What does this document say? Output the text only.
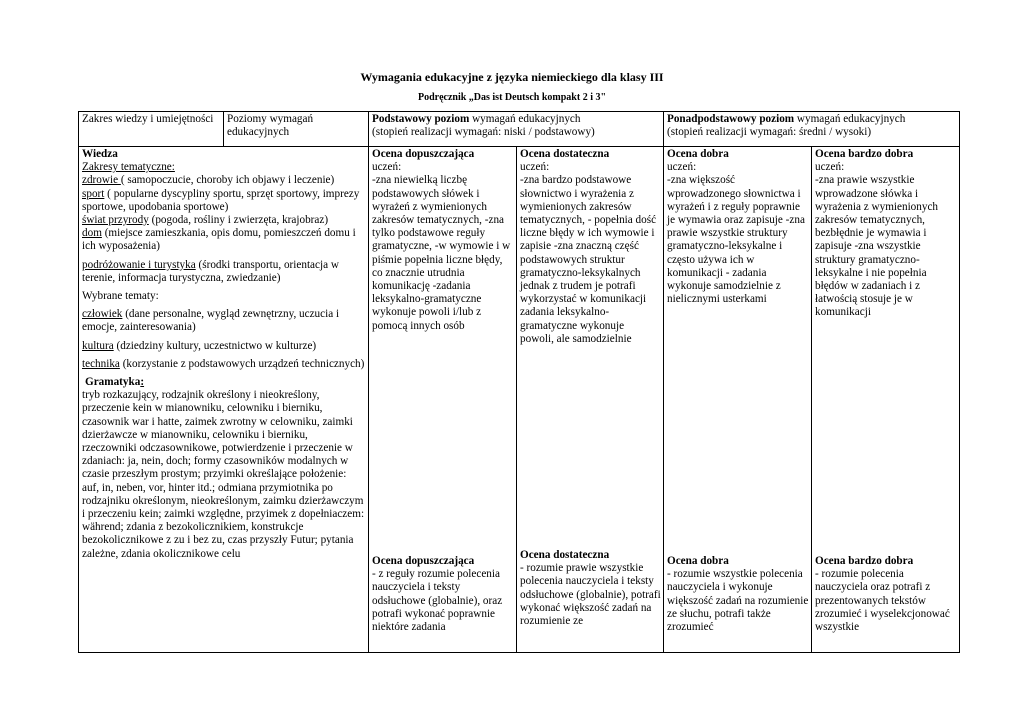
Wymagania edukacyjne z języka niemieckiego dla klasy III
Podręcznik „Das ist Deutsch kompakt 2 i 3"
Zakres wiedzy i umiejętności	Poziomy wymagań edukacyjnych
Podstawowy poziom wymagań edukacyjnych
(stopień realizacji wymagań: niski / podstawowy)
Ponadpodstawowy poziom wymagań edukacyjnych
(stopień realizacji wymagań: średni / wysoki)

Wiedza

Zakresy tematyczne:

zdrowie ( samopoczucie, choroby ich objawy i leczenie)

sport ( popularne dyscypliny sportu, sprzęt sportowy, imprezy sportowe, upodobania sportowe)

świat przyrody (pogoda, rośliny i zwierzęta, krajobraz)

dom (miejsce zamieszkania, opis domu, pomieszczeń domu i ich wyposażenia)

podróżowanie i turystyka (środki transportu, orientacja w terenie, informacja turystyczna, zwiedzanie)

Wybrane tematy:

człowiek (dane personalne, wygląd zewnętrzny, uczucia i emocje, zainteresowania)

kultura (dziedziny kultury, uczestnictwo w kulturze)

technika (korzystanie z podstawowych urządzeń technicznych)

Gramatyka:

tryb rozkazujący, rodzajnik określony i nieokreślony, przeczenie kein w mianowniku, celowniku i bierniku, czasownik war i hatte, zaimek zwrotny w celowniku, zaimki dzierżawcze w mianowniku, celowniku i bierniku, rzeczowniki odczasownikowe, potwierdzenie i przeczenie w zdaniach: ja, nein, doch; formy czasowników modalnych w czasie przeszłym prostym; przyimki określające położenie: auf, in, neben, vor, hinter itd.; odmiana przymiotnika po rodzajniku określonym, nieokreślonym, zaimku dzierżawczym i przeczeniu kein; zaimki względne, przyimek z dopełniaczem: während; zdania z bezokolicznikiem, konstrukcje bezokolicznikowe z zu i bez zu, czas przyszły Futur; pytania zależne, zdania okolicznikowe celu

Ocena dopuszczająca

uczeń:

-zna niewielką liczbę podstawowych słówek i wyrażeń z wymienionych zakresów tematycznych, -zna tylko podstawowe reguły gramatyczne, -w wymowie i w piśmie popełnia liczne błędy, co znacznie utrudnia komunikację -zadania leksykalno-gramatyczne wykonuje powoli i/lub z pomocą innych osób

Ocena dopuszczająca

- z reguły rozumie polecenia nauczyciela i teksty odsłuchowe (globalnie), oraz potrafi wykonać poprawnie niektóre zadania

Ocena dostateczna

uczeń:

-zna bardzo podstawowe słownictwo i wyrażenia z wymienionych zakresów tematycznych, - popełnia dość liczne błędy w ich wymowie i zapisie -zna znaczną część podstawowych struktur gramatyczno-leksykalnych jednak z trudem je potrafi wykorzystać w komunikacji zadania leksykalno-gramatyczne wykonuje powoli, ale samodzielnie

Ocena dostateczna

- rozumie prawie wszystkie polecenia nauczyciela i teksty odsłuchowe (globalnie), potrafi wykonać większość zadań na rozumienie ze

Ocena dobra

uczeń:

-zna większość wprowadzonego słownictwa i wyrażeń i z reguły poprawnie je wymawia oraz zapisuje -zna prawie wszystkie struktury gramatyczno-leksykalne i często używa ich w komunikacji - zadania wykonuje samodzielnie z nielicznymi usterkami

Ocena dobra

- rozumie wszystkie polecenia nauczyciela i wykonuje większość zadań na rozumienie ze słuchu, potrafi także zrozumieć

Ocena bardzo dobra

uczeń:

-zna prawie wszystkie wprowadzone słówka i wyrażenia z wymienionych zakresów tematycznych, bezbłędnie je wymawia i zapisuje -zna wszystkie struktury gramatyczno-leksykalne i nie popełnia błędów w zadaniach i z łatwością stosuje je w komunikacji

Ocena bardzo dobra

- rozumie polecenia nauczyciela oraz potrafi z prezentowanych tekstów zrozumieć i wyselekcjonować wszystkie
